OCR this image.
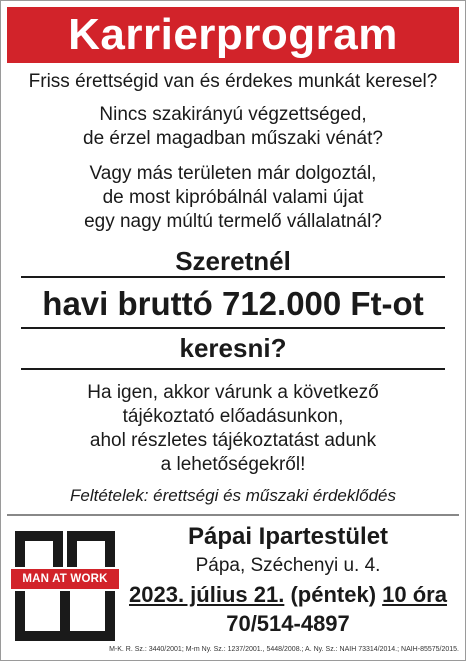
Karrierprogram
Friss érettségid van és érdekes munkát keresel?
Nincs szakirányú végzettséged,
de érzel magadban műszaki vénát?
Vagy más területen már dolgoztál,
de most kipróbálnál valami újat
egy nagy múltú termelő vállalatnál?
Szeretnél
havi bruttó 712.000 Ft-ot
keresni?
Ha igen, akkor várunk a következő
tájékoztató előadásunkon,
ahol részletes tájékoztatást adunk
a lehetőségekről!
Feltételek: érettségi és műszaki érdeklődés
MAN AT WORK
Pápai Ipartestület
Pápa, Széchenyi u. 4.
2023. július 21. (péntek) 10 óra
70/514-4897
M-K. R. Sz.: 3440/2001; M-m Ny. Sz.: 1237/2001., 5448/2008.; A. Ny. Sz.: NAIH 73314/2014.; NAIH-85575/2015.
